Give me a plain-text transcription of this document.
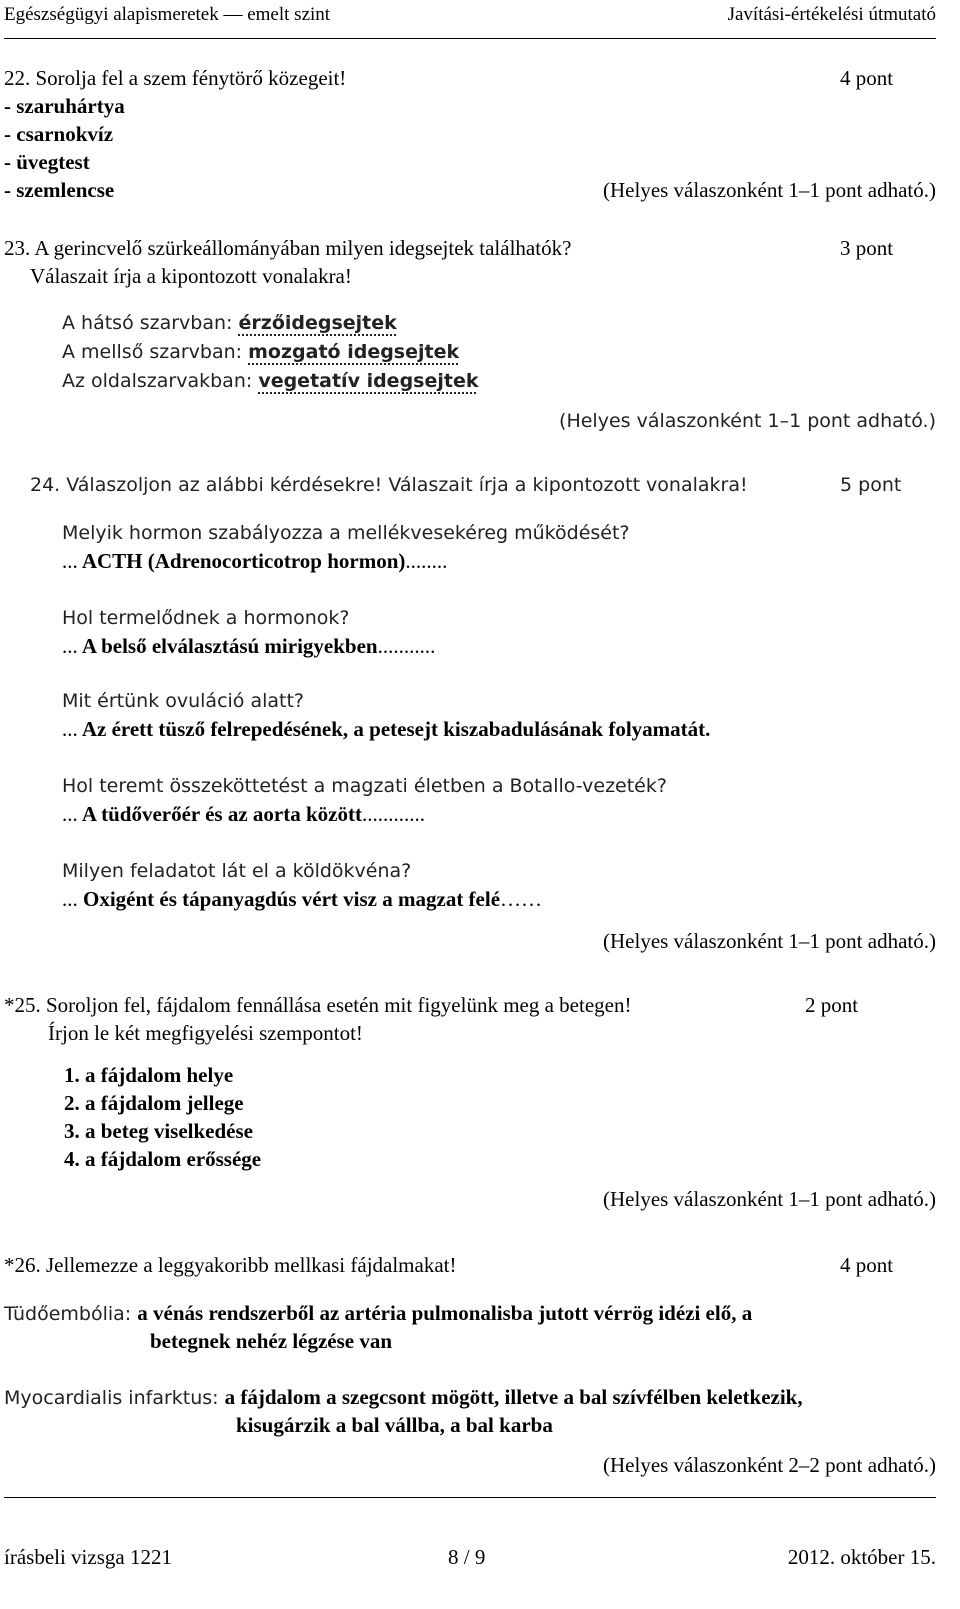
Egészségügyi alapismeretek — emelt szint	Javítási-értékelési útmutató
22. Sorolja fel a szem fénytörő közegeit!	4 pont
- szaruhártya
- csarnokvíz
- üvegtest
- szemlencse	(Helyes válaszonként 1–1 pont adható.)
23. A gerincvelő szürkeállományában milyen idegsejtek találhatók?	3 pont
Válaszait írja a kipontozott vonalakra!
A hátsó szarvban: érzőidegsejtek
A mellső szarvban: mozgató idegsejtek
Az oldalszarvakban: vegetatív idegsejtek
(Helyes válaszonként 1–1 pont adható.)
24. Válaszoljon az alábbi kérdésekre! Válaszait írja a kipontozott vonalakra!	5 pont
Melyik hormon szabályozza a mellékvesekéreg működését?
... ACTH (Adrenocorticotrop hormon)........
Hol termelődnek a hormonok?
... A belső elválasztású mirigyekben...........
Mit értünk ovuláció alatt?
... Az érett tüsző felrepedésének, a petesejt kiszabadulásának folyamatát.
Hol teremt összeköttetést a magzati életben a Botallo-vezeték?
... A tüdőverőér és az aorta között............
Milyen feladatot lát el a köldökvéna?
... Oxigént és tápanyagdús vért visz a magzat felé……
(Helyes válaszonként 1–1 pont adható.)
*25. Soroljon fel, fájdalom fennállása esetén mit figyelünk meg a betegen!	2 pont
Írjon le két megfigyelési szempontot!
1. a fájdalom helye
2. a fájdalom jellege
3. a beteg viselkedése
4. a fájdalom erőssége
(Helyes válaszonként 1–1 pont adható.)
*26. Jellemezze a leggyakoribb mellkasi fájdalmakat!	4 pont
Tüdőembólia: a vénás rendszerből az artéria pulmonalisba jutott vérrög idézi elő, a
betegnek nehéz légzése van
Myocardialis infarktus: a fájdalom a szegcsont mögött, illetve a bal szívfélben keletkezik,
kisugárzik a bal vállba, a bal karba
(Helyes válaszonként 2–2 pont adható.)
írásbeli vizsga 1221	8 / 9	2012. október 15.
